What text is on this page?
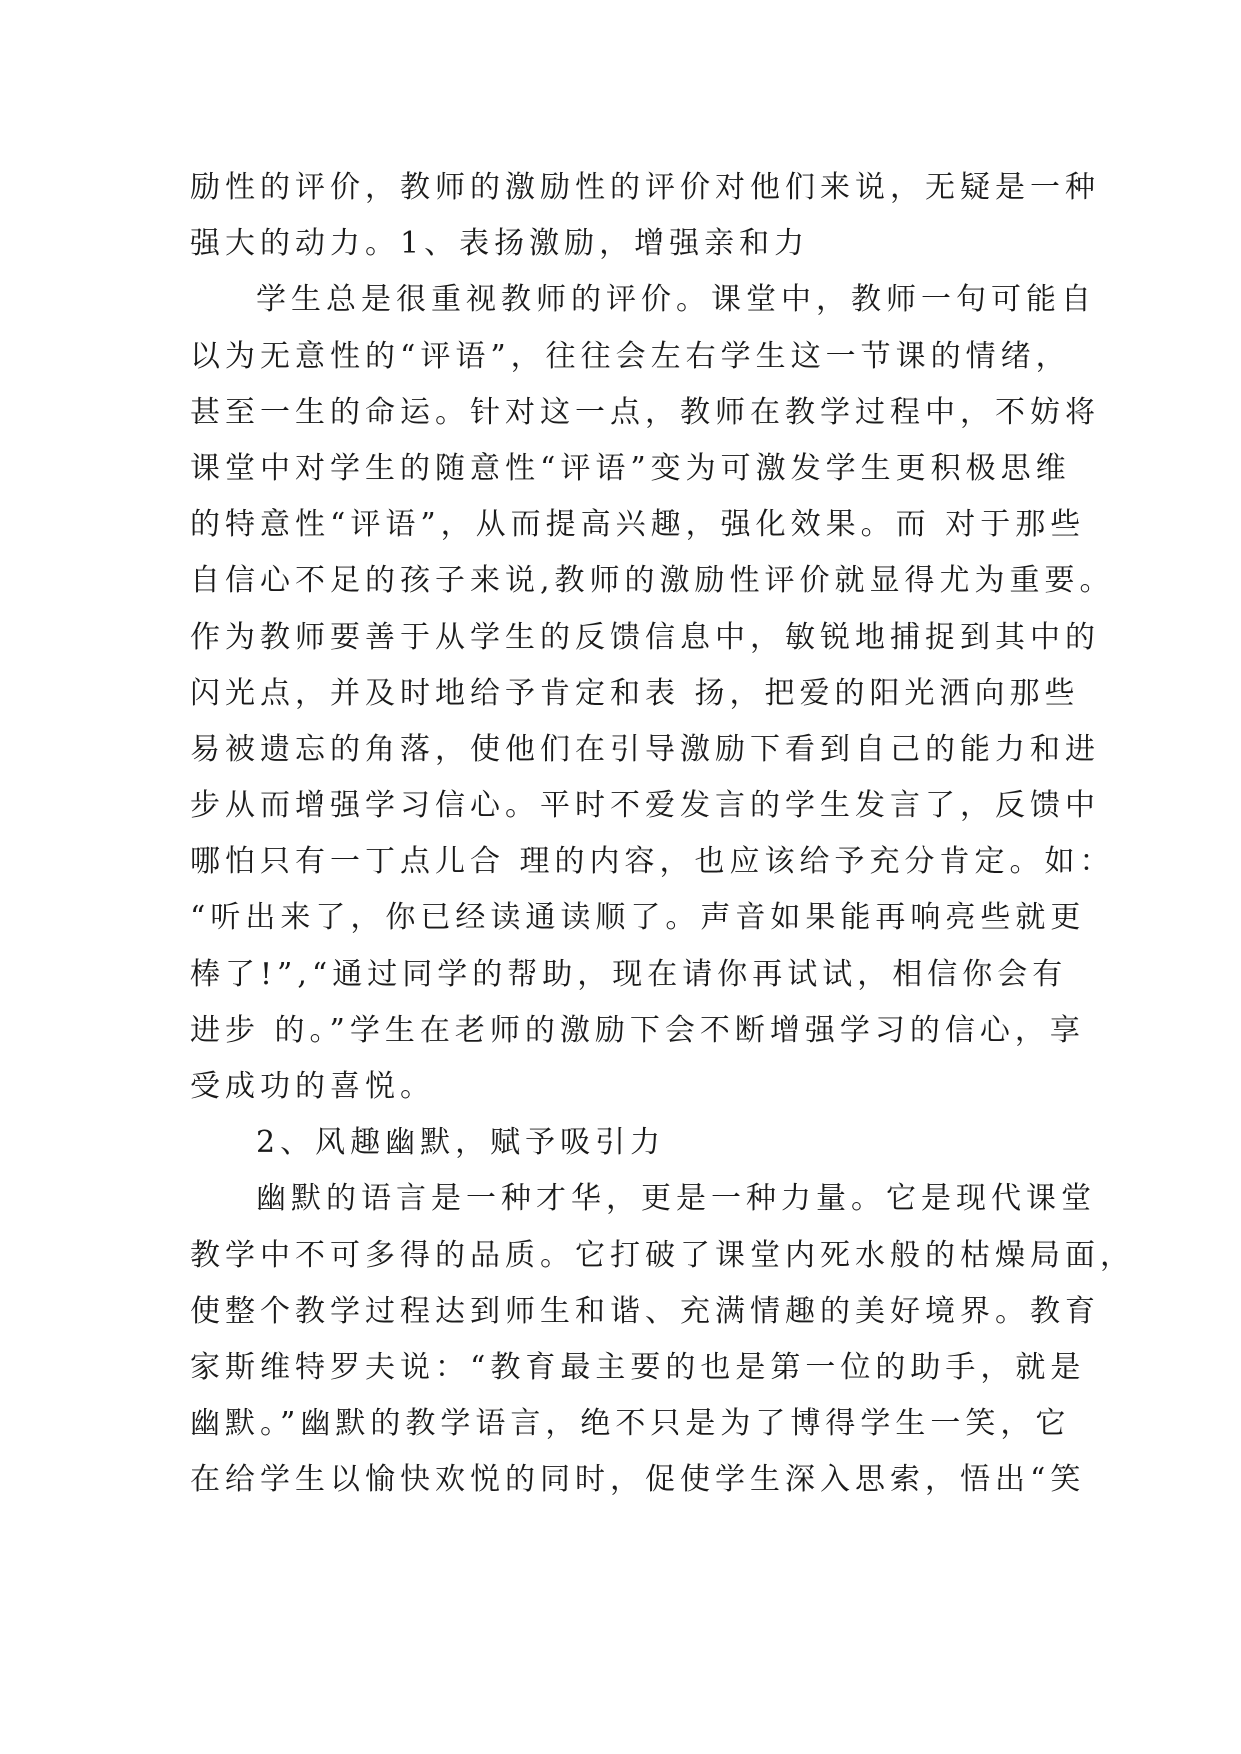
励性的评价，教师的激励性的评价对他们来说，无疑是一种
强大的动力。1、表扬激励，增强亲和力
学生总是很重视教师的评价。课堂中，教师一句可能自
以为无意性的“评语”，往往会左右学生这一节课的情绪，
甚至一生的命运。针对这一点，教师在教学过程中，不妨将
课堂中对学生的随意性“评语”变为可激发学生更积极思维
的特意性“评语”，从而提高兴趣，强化效果。而 对于那些
自信心不足的孩子来说,教师的激励性评价就显得尤为重要。
作为教师要善于从学生的反馈信息中，敏锐地捕捉到其中的
闪光点，并及时地给予肯定和表 扬，把爱的阳光洒向那些
易被遗忘的角落，使他们在引导激励下看到自己的能力和进
步从而增强学习信心。平时不爱发言的学生发言了，反馈中
哪怕只有一丁点儿合 理的内容，也应该给予充分肯定。如：
“听出来了，你已经读通读顺了。声音如果能再响亮些就更
棒了!”,“通过同学的帮助，现在请你再试试，相信你会有
进步 的。”学生在老师的激励下会不断增强学习的信心，享
受成功的喜悦。
2、风趣幽默，赋予吸引力
幽默的语言是一种才华，更是一种力量。它是现代课堂
教学中不可多得的品质。它打破了课堂内死水般的枯燥局面，
使整个教学过程达到师生和谐、充满情趣的美好境界。教育
家斯维特罗夫说：“教育最主要的也是第一位的助手，就是
幽默。”幽默的教学语言，绝不只是为了博得学生一笑，它
在给学生以愉快欢悦的同时，促使学生深入思索，悟出“笑
